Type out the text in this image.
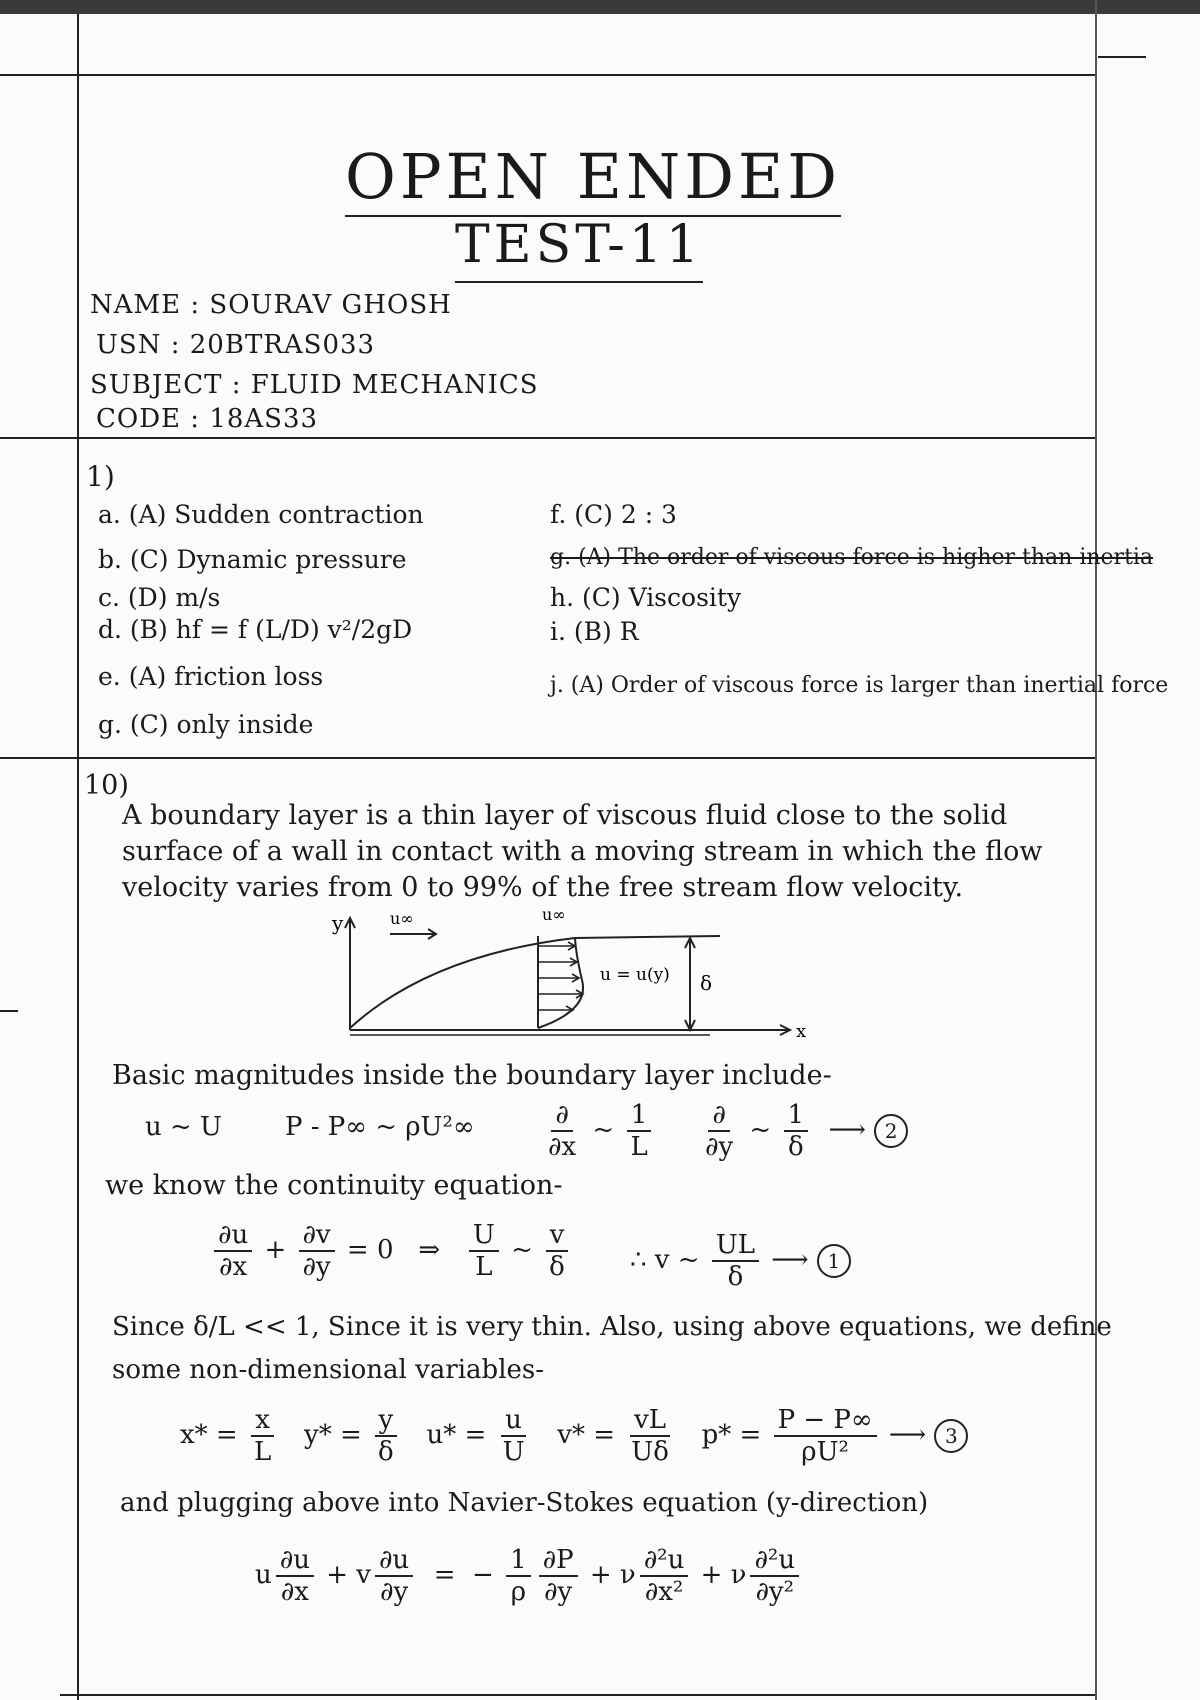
OPEN ENDED
TEST-11
NAME : SOURAV GHOSH
USN : 20BTRAS033
SUBJECT : FLUID MECHANICS
CODE : 18AS33
1)
a. (A) Sudden contraction
b. (C) Dynamic pressure
c. (D) m/s
d. (B) hf = f (L/D) v²/2gD
e. (A) friction loss
g. (C) only inside
f. (C) 2 : 3
g. (A) The order of viscous force is higher than inertia
h. (C) Viscosity
i. (B) R
j. (A) Order of viscous force is larger than inertial force
10)
A boundary layer is a thin layer of viscous fluid close to the solid surface of a wall in contact with a moving stream in which the flow velocity varies from 0 to 99% of the free stream flow velocity.
y
x
u∞	u∞
u = u(y) δ
Basic magnitudes inside the boundary layer include-
u ~ U P - P∞ ~ ρU²∞	$\frac{\partial}{\partial x}$ ~ $\frac{1}{L}$
$\frac{\partial}{\partial y}$ ~ $\frac{1}{\delta}$ ⟶ 2
we know the continuity equation-
$\frac{\partial u}{\partial x} + \frac{\partial v}{\partial y} = 0$   ⇒ $\frac{U}{L}$ ~ $\frac{v}{\delta}$ ∴ v ~ $\frac{UL}{\delta}$ ⟶ 1
Since δ/L << 1, Since it is very thin. Also, using above equations, we define
some non-dimensional variables-
$x* = \frac{x}{L} y* = \frac{y}{\delta} u* = \frac{u}{U} v* = \frac{vL}{U\delta} p* = \frac{P - P\infty}{\text{ρU²}}$ ⟶ 3
and plugging above into Navier-Stokes equation (y-direction)
u $\frac{\partial u}{\partial x} + v \frac{\partial u}{\partial y}$ =  − $\frac{1}{\rho} \frac{\partial P}{\partial y} + \nu \frac{\text{∂²u}}{\text{∂x²}} + \nu \frac{\text{∂²u}}{\text{∂y²}}$
